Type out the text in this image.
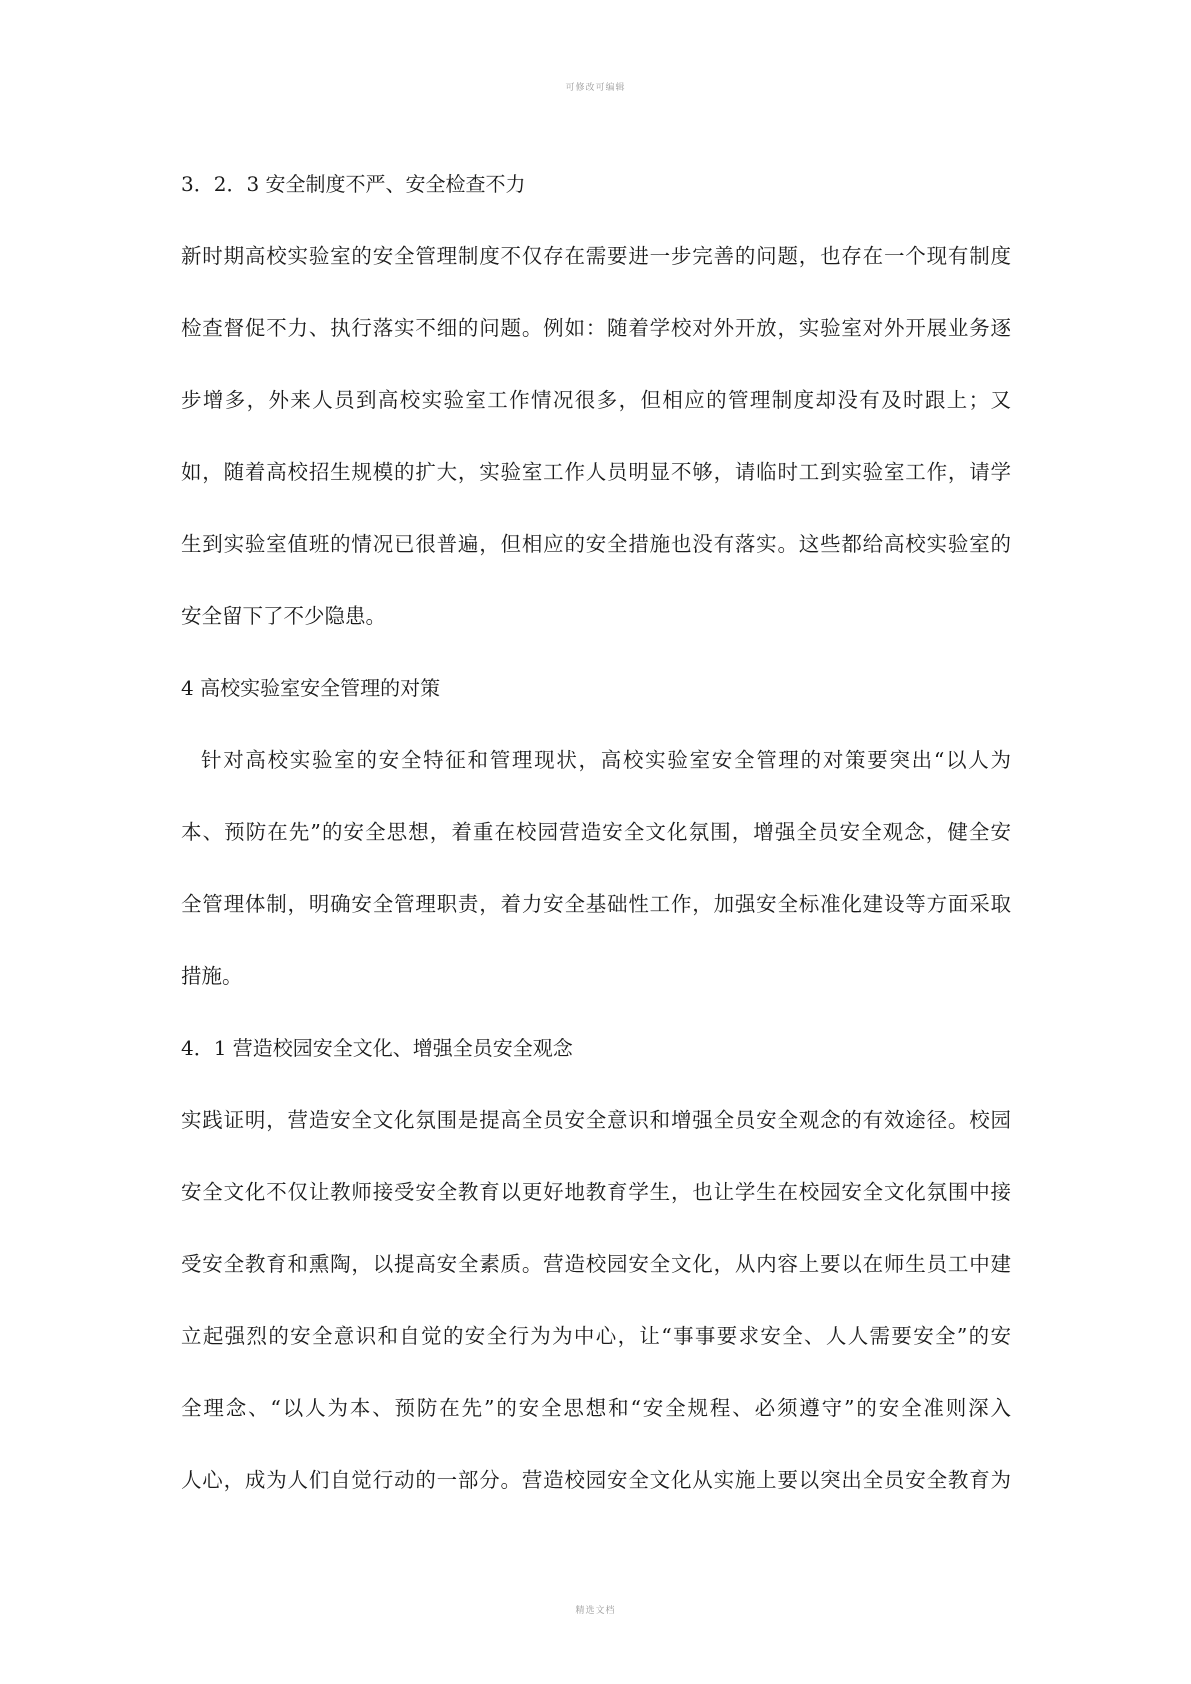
可修改可编辑
3．2．3 安全制度不严、安全检查不力
新时期高校实验室的安全管理制度不仅存在需要进一步完善的问题，也存在一个现有制度
检查督促不力、执行落实不细的问题。例如：随着学校对外开放，实验室对外开展业务逐
步增多，外来人员到高校实验室工作情况很多，但相应的管理制度却没有及时跟上；又
如，随着高校招生规模的扩大，实验室工作人员明显不够，请临时工到实验室工作，请学
生到实验室值班的情况已很普遍，但相应的安全措施也没有落实。这些都给高校实验室的
安全留下了不少隐患。
4 高校实验室安全管理的对策
针对高校实验室的安全特征和管理现状，高校实验室安全管理的对策要突出“以人为
本、预防在先”的安全思想，着重在校园营造安全文化氛围，增强全员安全观念，健全安
全管理体制，明确安全管理职责，着力安全基础性工作，加强安全标准化建设等方面采取
措施。
4．1 营造校园安全文化、增强全员安全观念
实践证明，营造安全文化氛围是提高全员安全意识和增强全员安全观念的有效途径。校园
安全文化不仅让教师接受安全教育以更好地教育学生，也让学生在校园安全文化氛围中接
受安全教育和熏陶，以提高安全素质。营造校园安全文化，从内容上要以在师生员工中建
立起强烈的安全意识和自觉的安全行为为中心，让“事事要求安全、人人需要安全”的安
全理念、“以人为本、预防在先”的安全思想和“安全规程、必须遵守”的安全准则深入
人心，成为人们自觉行动的一部分。营造校园安全文化从实施上要以突出全员安全教育为
精选文档
